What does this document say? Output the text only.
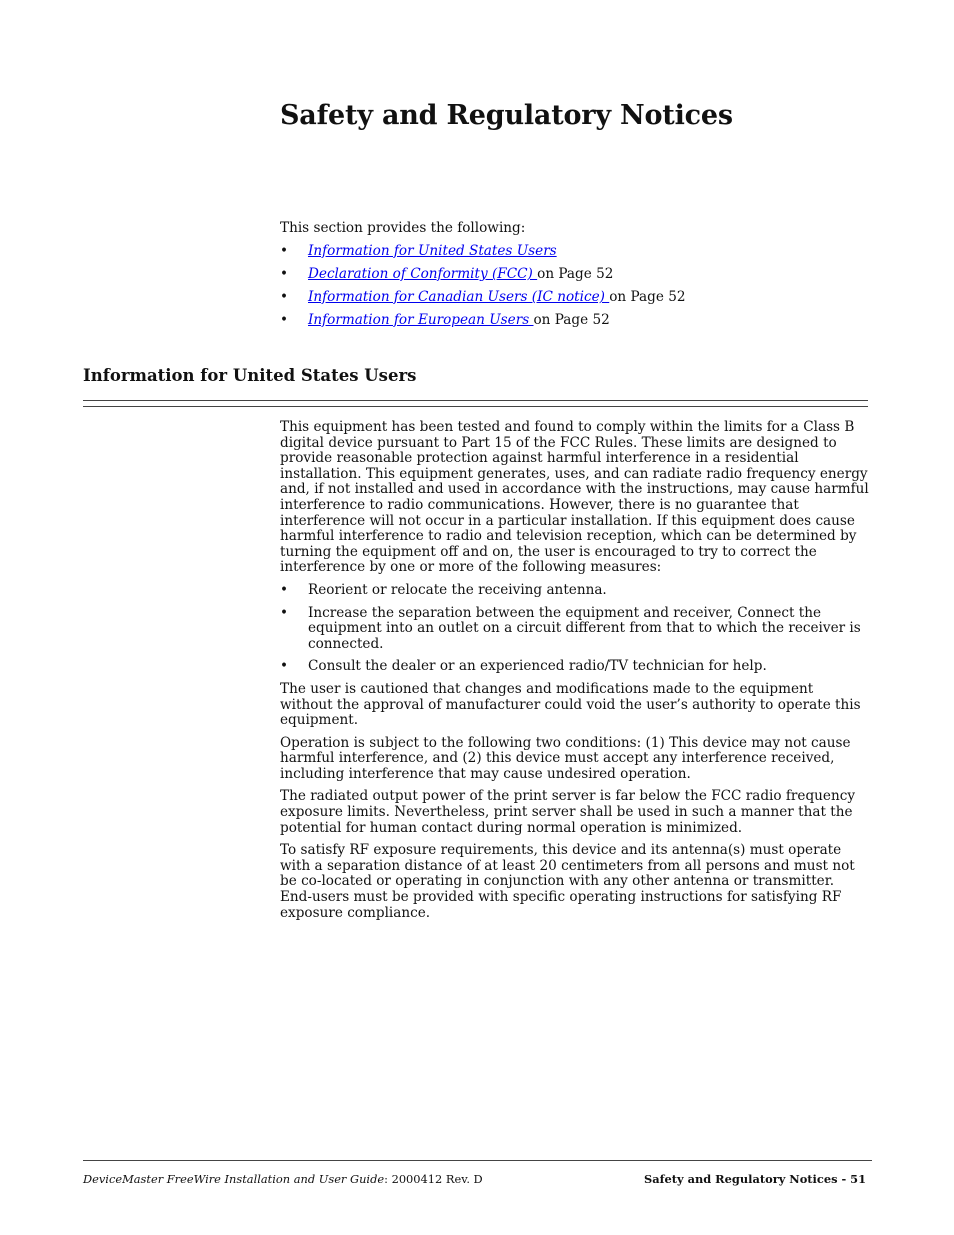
Safety and Regulatory Notices

This section provides the following:

• Information for United States Users
• Declaration of Conformity (FCC) on Page 52
• Information for Canadian Users (IC notice) on Page 52
• Information for European Users on Page 52
Information for United States Users

This equipment has been tested and found to comply within the limits for a Class B digital device pursuant to Part 15 of the FCC Rules. These limits are designed to provide reasonable protection against harmful interference in a residential installation. This equipment generates, uses, and can radiate radio frequency energy and, if not installed and used in accordance with the instructions, may cause harmful interference to radio communications. However, there is no guarantee that interference will not occur in a particular installation. If this equipment does cause harmful interference to radio and television reception, which can be determined by turning the equipment off and on, the user is encouraged to try to correct the interference by one or more of the following measures:

• Reorient or relocate the receiving antenna.
• Increase the separation between the equipment and receiver, Connect the equipment into an outlet on a circuit different from that to which the receiver is connected.
• Consult the dealer or an experienced radio/TV technician for help.

The user is cautioned that changes and modifications made to the equipment without the approval of manufacturer could void the user’s authority to operate this equipment.

Operation is subject to the following two conditions: (1) This device may not cause harmful interference, and (2) this device must accept any interference received, including interference that may cause undesired operation.

The radiated output power of the print server is far below the FCC radio frequency exposure limits. Nevertheless, print server shall be used in such a manner that the potential for human contact during normal operation is minimized.

To satisfy RF exposure requirements, this device and its antenna(s) must operate with a separation distance of at least 20 centimeters from all persons and must not be co-located or operating in conjunction with any other antenna or transmitter. End-users must be provided with specific operating instructions for satisfying RF exposure compliance.

DeviceMaster FreeWire Installation and User Guide: 2000412 Rev. D	Safety and Regulatory Notices - 51
